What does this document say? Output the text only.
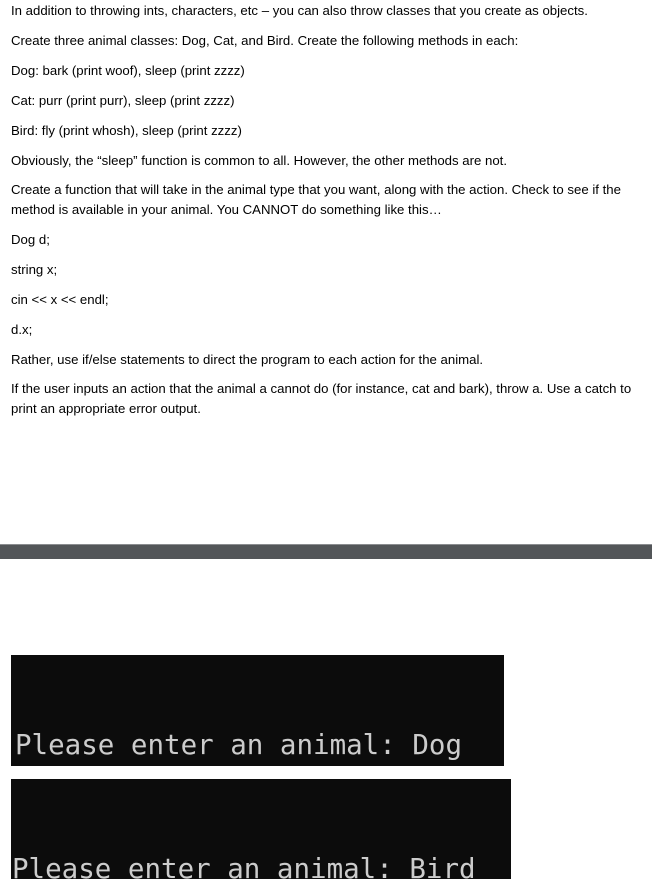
In addition to throwing ints, characters, etc – you can also throw classes that you create as objects.

Create three animal classes: Dog, Cat, and Bird. Create the following methods in each:

Dog: bark (print woof), sleep (print zzzz)

Cat: purr (print purr), sleep (print zzzz)

Bird: fly (print whosh), sleep (print zzzz)

Obviously, the “sleep” function is common to all. However, the other methods are not.

Create a function that will take in the animal type that you want, along with the action. Check to see if the method is available in your animal. You CANNOT do something like this…

Dog d;

string x;

cin << x << endl;

d.x;

Rather, use if/else statements to direct the program to each action for the animal.

If the user inputs an action that the animal a cannot do (for instance, cat and bark), throw a. Use a catch to print an appropriate error output.

Please enter an animal: Dog

Please enter an animal: Bird
